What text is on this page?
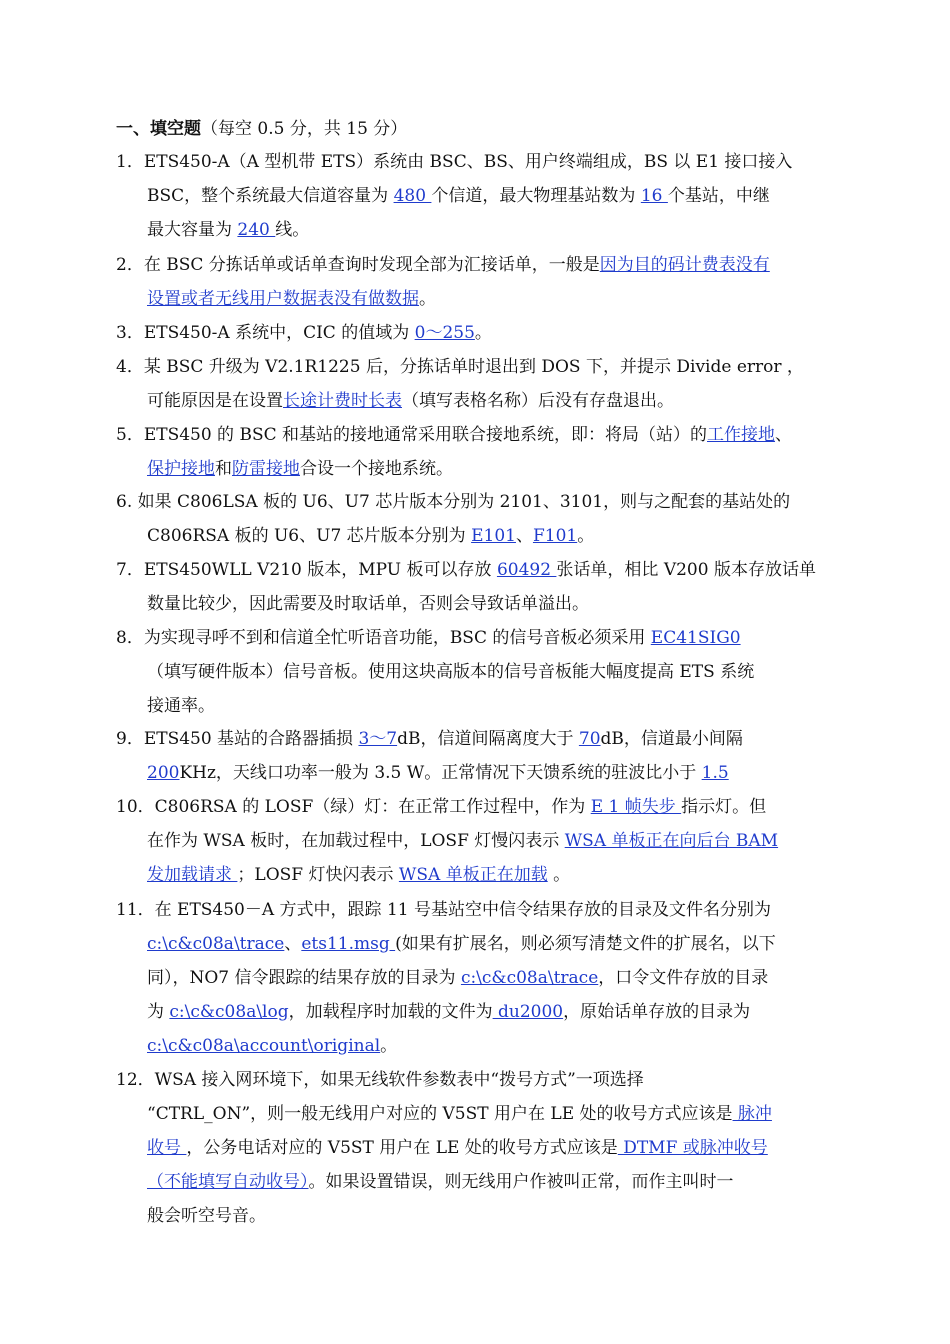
一、填空题（每空 0.5 分，共 15 分）
1．ETS450-A（A 型机带 ETS）系统由 BSC、BS、用户终端组成，BS 以 E1 接口接入
BSC，整个系统最大信道容量为 480 个信道，最大物理基站数为 16 个基站，中继
最大容量为 240 线。
2．在 BSC 分拣话单或话单查询时发现全部为汇接话单，一般是因为目的码计费表没有
设置或者无线用户数据表没有做数据。
3．ETS450-A 系统中，CIC 的值域为 0～255。
4．某 BSC 升级为 V2.1R1225 后，分拣话单时退出到 DOS 下，并提示 Divide error ，
可能原因是在设置长途计费时长表（填写表格名称）后没有存盘退出。
5．ETS450 的 BSC 和基站的接地通常采用联合接地系统，即：将局（站）的工作接地、
保护接地和防雷接地合设一个接地系统。
6. 如果 C806LSA 板的 U6、U7 芯片版本分别为 2101、3101，则与之配套的基站处的
C806RSA 板的 U6、U7 芯片版本分别为 E101、F101。
7．ETS450WLL V210 版本，MPU 板可以存放 60492 张话单，相比 V200 版本存放话单
数量比较少，因此需要及时取话单，否则会导致话单溢出。
8．为实现寻呼不到和信道全忙听语音功能，BSC 的信号音板必须采用 EC41SIG0
（填写硬件版本）信号音板。使用这块高版本的信号音板能大幅度提高 ETS 系统
接通率。
9．ETS450 基站的合路器插损 3～7dB，信道间隔离度大于 70dB，信道最小间隔
200KHz，天线口功率一般为 3.5 W。正常情况下天馈系统的驻波比小于 1.5
10．C806RSA 的 LOSF（绿）灯：在正常工作过程中，作为 E 1 帧失步 指示灯。但
在作为 WSA 板时，在加载过程中，LOSF 灯慢闪表示 WSA 单板正在向后台 BAM
发加载请求 ；LOSF 灯快闪表示 WSA 单板正在加载 。
11．在 ETS450－A 方式中，跟踪 11 号基站空中信令结果存放的目录及文件名分别为
c:\c&c08a\trace、ets11.msg (如果有扩展名，则必须写清楚文件的扩展名，以下
同），NO7 信令跟踪的结果存放的目录为 c:\c&c08a\trace，口令文件存放的目录
为 c:\c&c08a\log，加载程序时加载的文件为 du2000，原始话单存放的目录为
c:\c&c08a\account\original。
12．WSA 接入网环境下，如果无线软件参数表中“拨号方式”一项选择
“CTRL_ON”，则一般无线用户对应的 V5ST 用户在 LE 处的收号方式应该是 脉冲
收号 ，公务电话对应的 V5ST 用户在 LE 处的收号方式应该是 DTMF 或脉冲收号
（不能填写自动收号）。如果设置错误，则无线用户作被叫正常，而作主叫时一
般会听空号音。
